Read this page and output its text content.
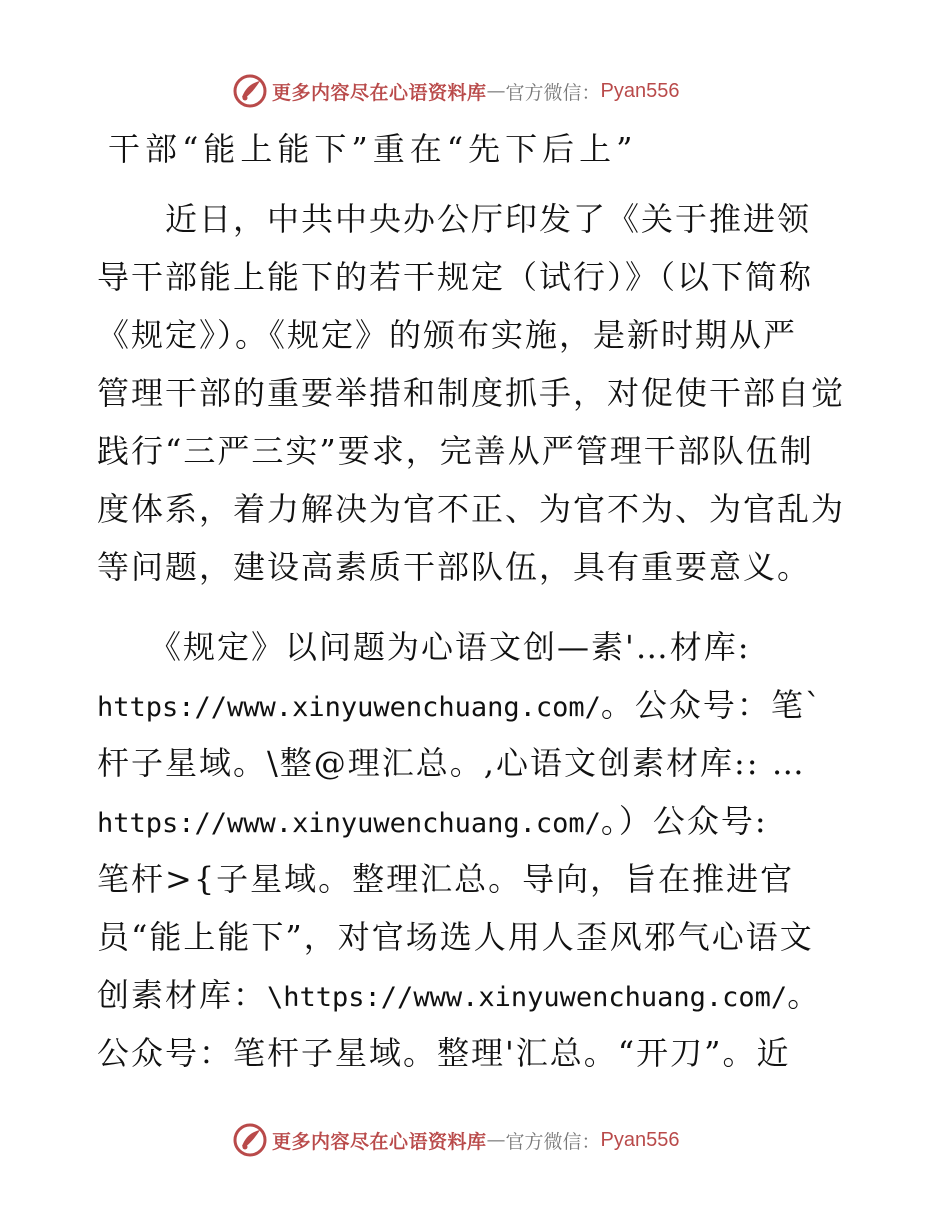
更多内容尽在心语资料库 — 官方微信： Pyan556
干部“能上能下”重在“先下后上”
　　近日，中共中央办公厅印发了《关于推进领
导干部能上能下的若干规定（试行）》（以下简称
《规定》）。《规定》的颁布实施，是新时期从严
管理干部的重要举措和制度抓手，对促使干部自觉
践行“三严三实”要求，完善从严管理干部队伍制
度体系，着力解决为官不正、为官不为、为官乱为
等问题，建设高素质干部队伍，具有重要意义。
　　《规定》以问题为心语文创—素'…材库:
https://www.xinyuwenchuang.com/。公众号：笔`
杆子星域。\整@理汇总。,心语文创素材库:: …
https://www.xinyuwenchuang.com/。）公众号:
笔杆>{子星域。整理汇总。导向，旨在推进官
员“能上能下”，对官场选人用人歪风邪气心语文
创素材库：\https://www.xinyuwenchuang.com/。
公众号：笔杆子星域。整理'汇总。“开刀”。近
更多内容尽在心语资料库 — 官方微信： Pyan556
